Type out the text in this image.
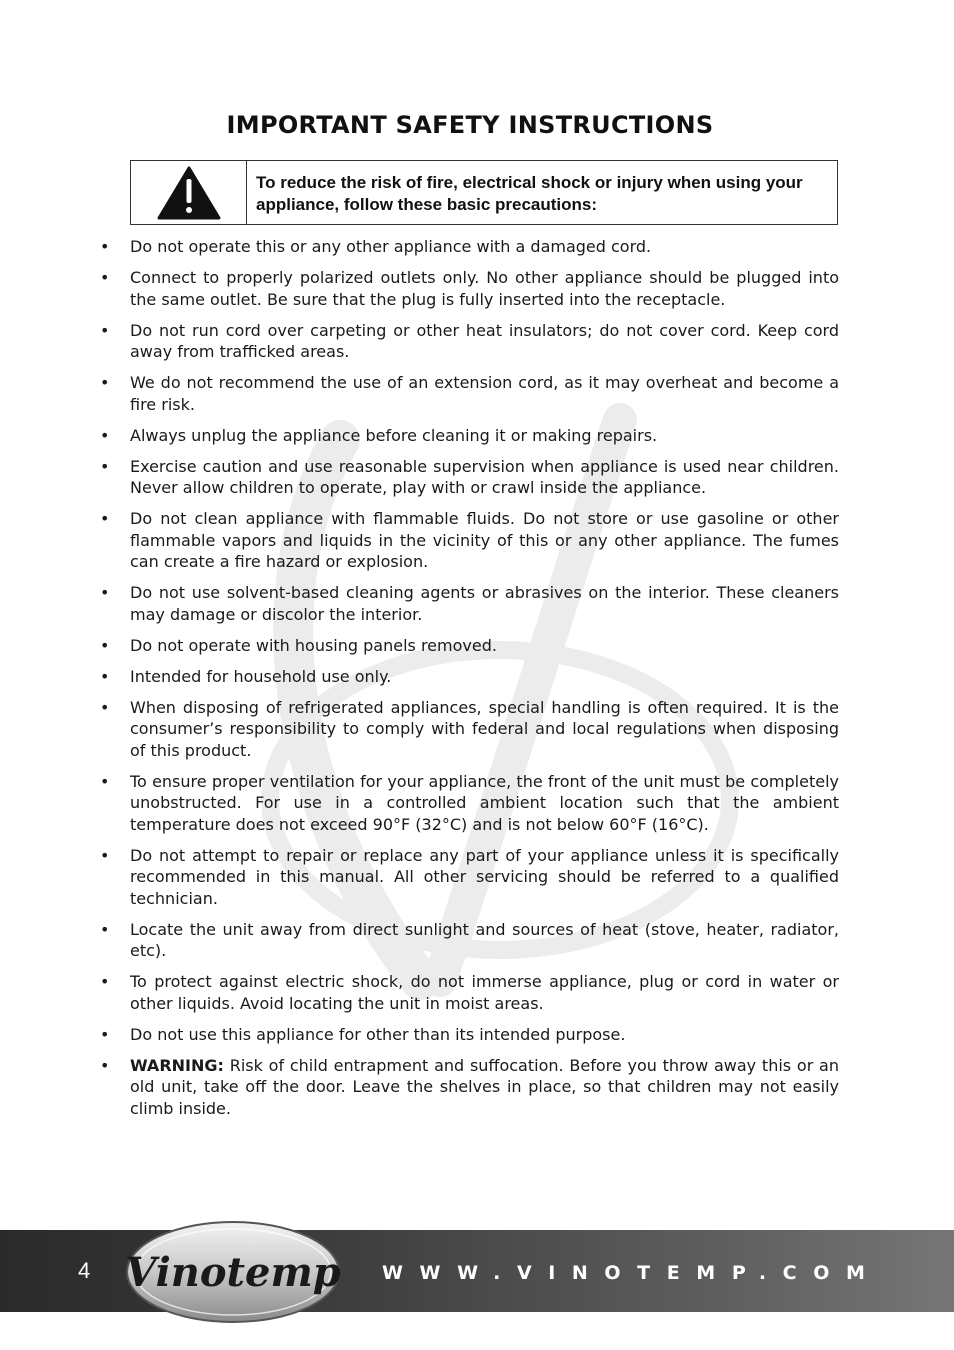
IMPORTANT SAFETY INSTRUCTIONS
To reduce the risk of fire, electrical shock or injury when using your appliance, follow these basic precautions:
• Do not operate this or any other appliance with a damaged cord.
• Connect to properly polarized outlets only. No other appliance should be plugged into the same outlet. Be sure that the plug is fully inserted into the receptacle.
• Do not run cord over carpeting or other heat insulators; do not cover cord. Keep cord away from trafficked areas.
• We do not recommend the use of an extension cord, as it may overheat and become a fire risk.
• Always unplug the appliance before cleaning it or making repairs.
• Exercise caution and use reasonable supervision when appliance is used near children. Never allow children to operate, play with or crawl inside the appliance.
• Do not clean appliance with flammable fluids. Do not store or use gasoline or other flammable vapors and liquids in the vicinity of this or any other appliance. The fumes can create a fire hazard or explosion.
• Do not use solvent-based cleaning agents or abrasives on the interior. These cleaners may damage or discolor the interior.
• Do not operate with housing panels removed.
• Intended for household use only.
• When disposing of refrigerated appliances, special handling is often required. It is the consumer’s responsibility to comply with federal and local regulations when disposing of this product.
• To ensure proper ventilation for your appliance, the front of the unit must be completely unobstructed. For use in a controlled ambient location such that the ambient temperature does not exceed 90°F (32°C) and is not below 60°F (16°C).
• Do not attempt to repair or replace any part of your appliance unless it is specifically recommended in this manual. All other servicing should be referred to a qualified technician.
• Locate the unit away from direct sunlight and sources of heat (stove, heater, radiator, etc).
• To protect against electric shock, do not immerse appliance, plug or cord in water or other liquids. Avoid locating the unit in moist areas.
• Do not use this appliance for other than its intended purpose.
• WARNING: Risk of child entrapment and suffocation. Before you throw away this or an old unit, take off the door. Leave the shelves in place, so that children may not easily climb inside.
4 Vinotemp WWW.VINOTEMP.COM
